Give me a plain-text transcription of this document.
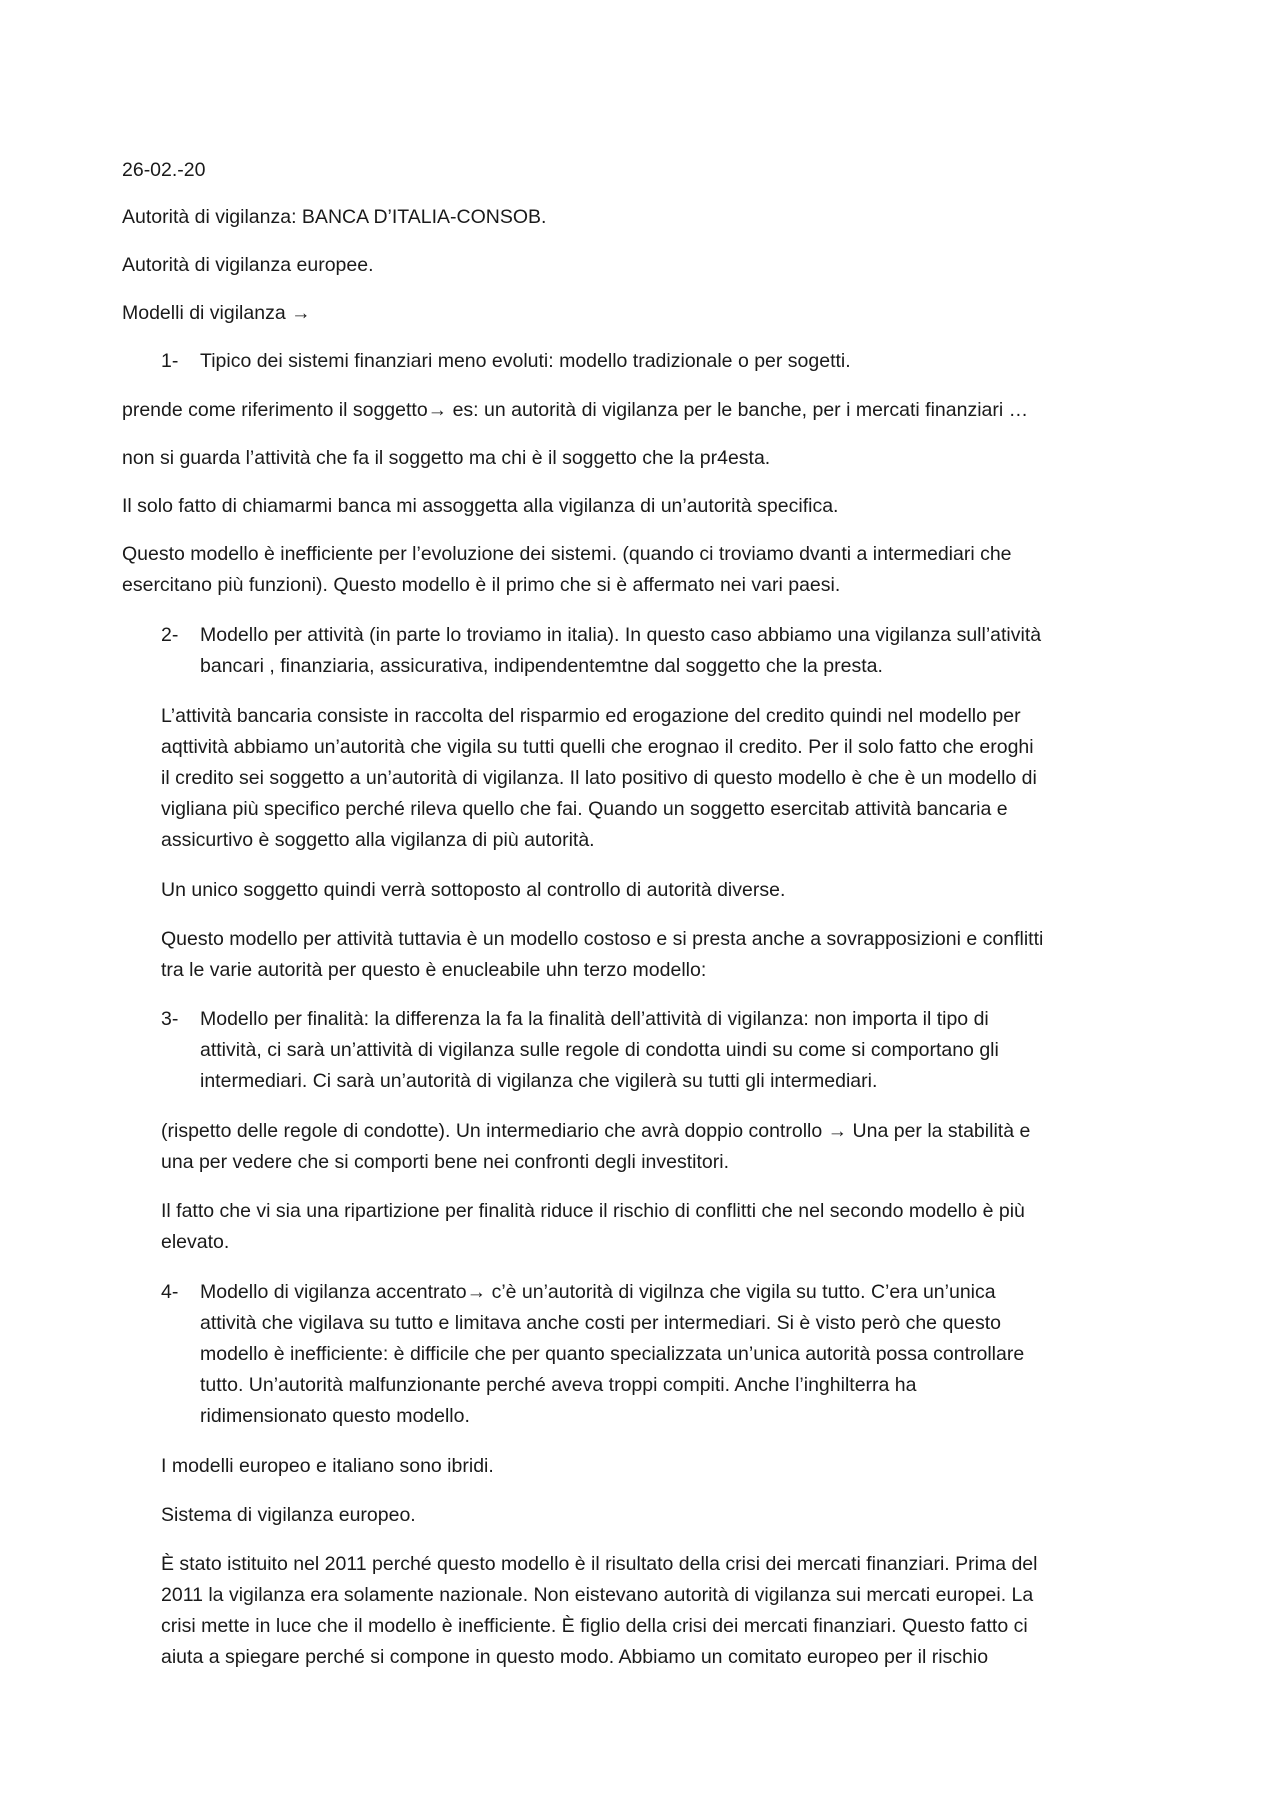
26-02.-20

Autorità di vigilanza: BANCA D’ITALIA-CONSOB.

Autorità di vigilanza europee.

Modelli di vigilanza →

1- Tipico dei sistemi finanziari meno evoluti: modello tradizionale o per sogetti.

prende come riferimento il soggetto→ es: un autorità di vigilanza per le banche, per i mercati finanziari …

non si guarda l’attività che fa il soggetto ma chi è il soggetto che la pr4esta.

Il solo fatto di chiamarmi banca mi assoggetta alla vigilanza di un’autorità specifica.

Questo modello è inefficiente per l’evoluzione dei sistemi. (quando ci troviamo dvanti a intermediari che

esercitano più funzioni). Questo modello è il primo che si è affermato nei vari paesi.

2- Modello per attività (in parte lo troviamo in italia). In questo caso abbiamo una vigilanza sull’atività

bancari , finanziaria, assicurativa, indipendentemtne dal soggetto che la presta.

L’attività bancaria consiste in raccolta del risparmio ed erogazione del credito quindi nel modello per

aqttività abbiamo un’autorità che vigila su tutti quelli che erognao il credito. Per il solo fatto che eroghi

il credito sei soggetto a un’autorità di vigilanza. Il lato positivo di questo modello è che è un modello di

vigliana più specifico perché rileva quello che fai. Quando un soggetto esercitab attività bancaria e

assicurtivo è soggetto alla vigilanza di più autorità.

Un unico soggetto quindi verrà sottoposto al controllo di autorità diverse.

Questo modello per attività tuttavia è un modello costoso e si presta anche a sovrapposizioni e conflitti

tra le varie autorità per questo è enucleabile uhn terzo modello:

3- Modello per finalità: la differenza la fa la finalità dell’attività di vigilanza: non importa il tipo di

attività, ci sarà un’attività di vigilanza sulle regole di condotta uindi su come si comportano gli

intermediari. Ci sarà un’autorità di vigilanza che vigilerà su tutti gli intermediari.

(rispetto delle regole di condotte). Un intermediario che avrà doppio controllo → Una per la stabilità e

una per vedere che si comporti bene nei confronti degli investitori.

Il fatto che vi sia una ripartizione per finalità riduce il rischio di conflitti che nel secondo modello è più

elevato.

4- Modello di vigilanza accentrato→ c’è un’autorità di vigilnza che vigila su tutto. C’era un’unica

attività che vigilava su tutto e limitava anche costi per intermediari. Si è visto però che questo

modello è inefficiente: è difficile che per quanto specializzata un’unica autorità possa controllare

tutto. Un’autorità malfunzionante perché aveva troppi compiti. Anche l’inghilterra ha

ridimensionato questo modello.

I modelli europeo e italiano sono ibridi.

Sistema di vigilanza europeo.

È stato istituito nel 2011 perché questo modello è il risultato della crisi dei mercati finanziari. Prima del

2011 la vigilanza era solamente nazionale. Non eistevano autorità di vigilanza sui mercati europei. La

crisi mette in luce che il modello è inefficiente. È figlio della crisi dei mercati finanziari. Questo fatto ci

aiuta a spiegare perché si compone in questo modo. Abbiamo un comitato europeo per il rischio
